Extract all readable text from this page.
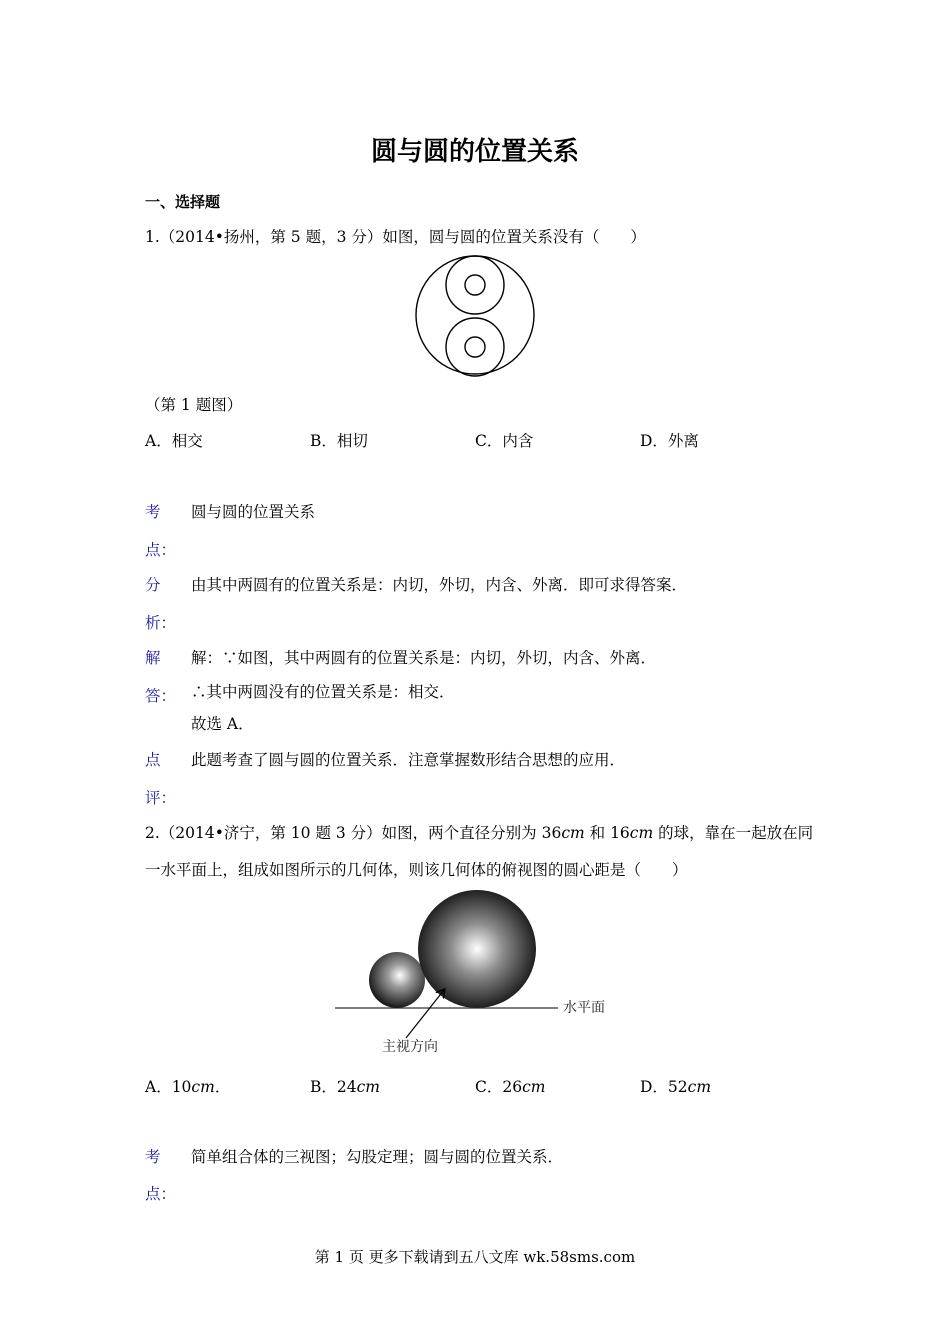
圆与圆的位置关系
一、选择题
1.（2014•扬州，第 5 题，3 分）如图，圆与圆的位置关系没有（　　）
（第 1 题图）
A．相交	B．相切	C．内含	D．外离
考
点：
圆与圆的位置关系
分
析：
由其中两圆有的位置关系是：内切，外切，内含、外离．即可求得答案．
解
答：
解：∵如图，其中两圆有的位置关系是：内切，外切，内含、外离．
∴其中两圆没有的位置关系是：相交．
故选 A．
点
评：
此题考查了圆与圆的位置关系．注意掌握数形结合思想的应用．
2.（2014•济宁，第 10 题 3 分）如图，两个直径分别为 36cm 和 16cm 的球，靠在一起放在同
一水平面上，组成如图所示的几何体，则该几何体的俯视图的圆心距是（　　）
水平面
主视方向
A．10cm．	B．24cm	C．26cm	D．52cm
考
点：
简单组合体的三视图；勾股定理；圆与圆的位置关系．
第 1 页 更多下载请到五八文库 wk.58sms.com
